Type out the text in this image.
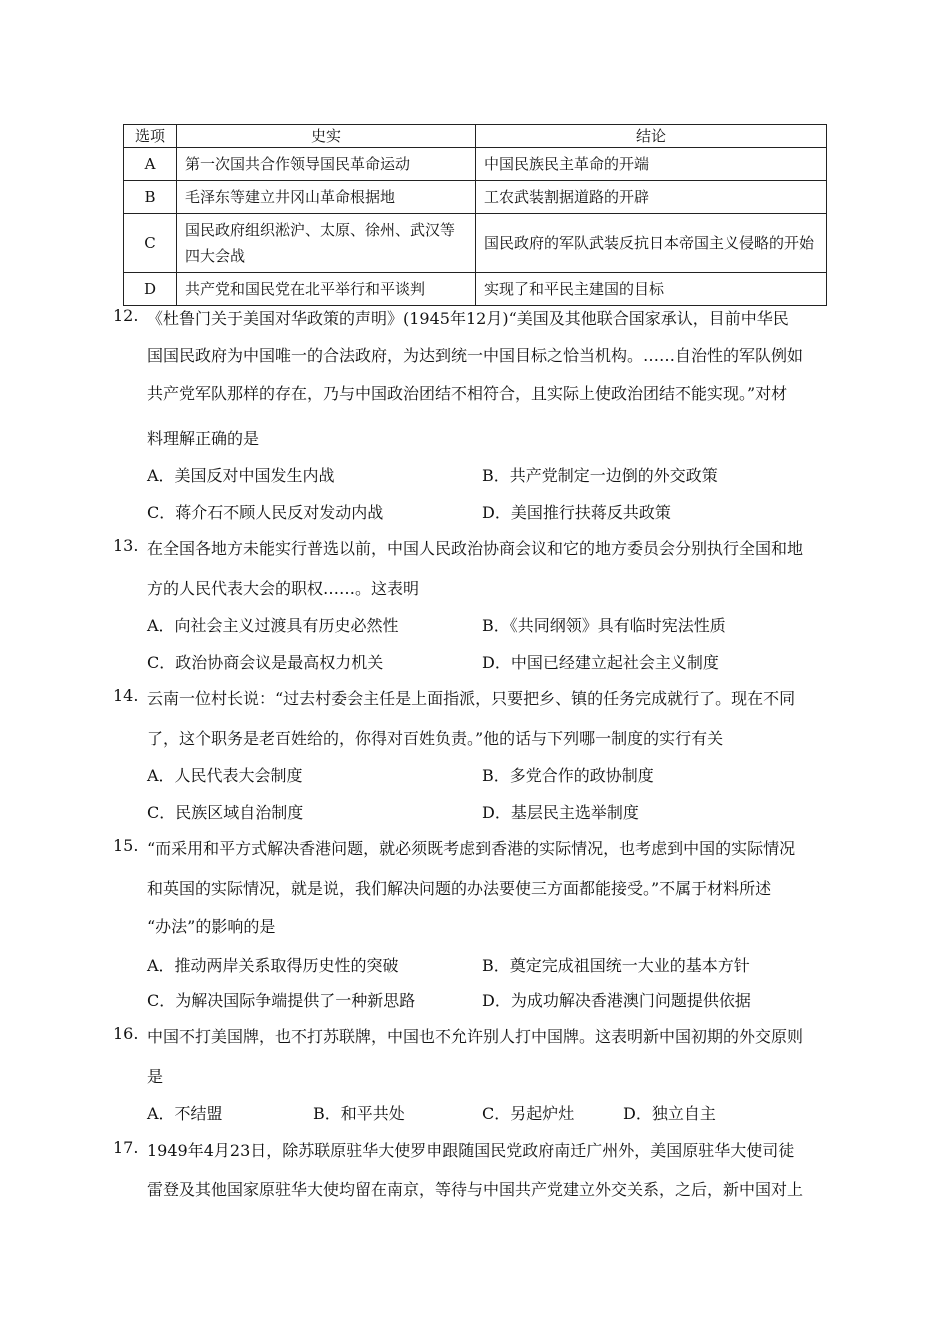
选项	史实	结论
A	第一次国共合作领导国民革命运动	中国民族民主革命的开端
B	毛泽东等建立井冈山革命根据地	工农武装割据道路的开辟
C	国民政府组织淞沪、太原、徐州、武汉等四大会战	国民政府的军队武装反抗日本帝国主义侵略的开始
D	共产党和国民党在北平举行和平谈判	实现了和平民主建国的目标
12. 《杜鲁门关于美国对华政策的声明》(1945年12月)“美国及其他联合国家承认，目前中华民
国国民政府为中国唯一的合法政府，为达到统一中国目标之恰当机构。……自治性的军队例如
共产党军队那样的存在，乃与中国政治团结不相符合，且实际上使政治团结不能实现。”对材
料理解正确的是
A．美国反对中国发生内战	B．共产党制定一边倒的外交政策
C．蒋介石不顾人民反对发动内战	D．美国推行扶蒋反共政策
13. 在全国各地方未能实行普选以前，中国人民政治协商会议和它的地方委员会分别执行全国和地
方的人民代表大会的职权……。这表明
A．向社会主义过渡具有历史必然性	B．《共同纲领》具有临时宪法性质
C．政治协商会议是最高权力机关	D．中国已经建立起社会主义制度
14. 云南一位村长说：“过去村委会主任是上面指派，只要把乡、镇的任务完成就行了。现在不同
了，这个职务是老百姓给的，你得对百姓负责。”他的话与下列哪一制度的实行有关
A．人民代表大会制度	B．多党合作的政协制度
C．民族区域自治制度	D．基层民主选举制度
15. “而采用和平方式解决香港问题，就必须既考虑到香港的实际情况，也考虑到中国的实际情况
和英国的实际情况，就是说，我们解决问题的办法要使三方面都能接受。”不属于材料所述
“办法”的影响的是
A．推动两岸关系取得历史性的突破	B．奠定完成祖国统一大业的基本方针
C．为解决国际争端提供了一种新思路	D．为成功解决香港澳门问题提供依据
16. 中国不打美国牌，也不打苏联牌，中国也不允许别人打中国牌。这表明新中国初期的外交原则
是
A．不结盟	B．和平共处	C．另起炉灶	D．独立自主
17. 1949年4月23日，除苏联原驻华大使罗申跟随国民党政府南迁广州外，美国原驻华大使司徒
雷登及其他国家原驻华大使均留在南京，等待与中国共产党建立外交关系，之后，新中国对上
